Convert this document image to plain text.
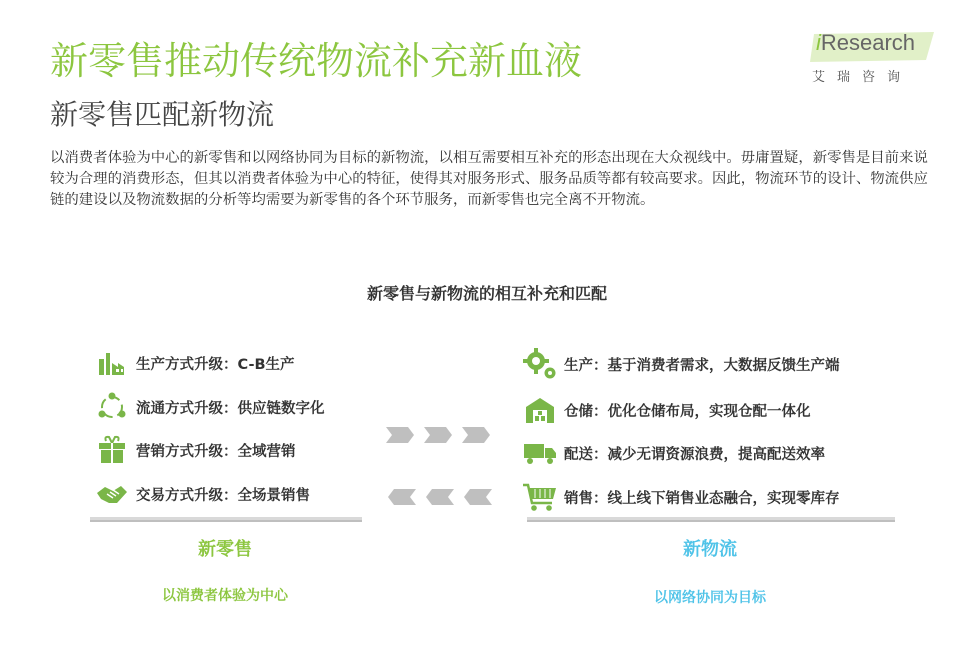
新零售推动传统物流补充新血液
新零售匹配新物流
以消费者体验为中心的新零售和以网络协同为目标的新物流，以相互需要相互补充的形态出现在大众视线中。毋庸置疑，新零售是目前来说较为合理的消费形态，但其以消费者体验为中心的特征，使得其对服务形式、服务品质等都有较高要求。因此，物流环节的设计、物流供应链的建设以及物流数据的分析等均需要为新零售的各个环节服务，而新零售也完全离不开物流。
iResearch
艾瑞咨询
新零售与新物流的相互补充和匹配
生产方式升级：C-B生产
流通方式升级：供应链数字化
营销方式升级：全域营销
交易方式升级：全场景销售
生产：基于消费者需求，大数据反馈生产端
仓储：优化仓储布局，实现仓配一体化
配送：减少无谓资源浪费，提高配送效率
销售：线上线下销售业态融合，实现零库存
新零售	新物流
以消费者体验为中心	以网络协同为目标
